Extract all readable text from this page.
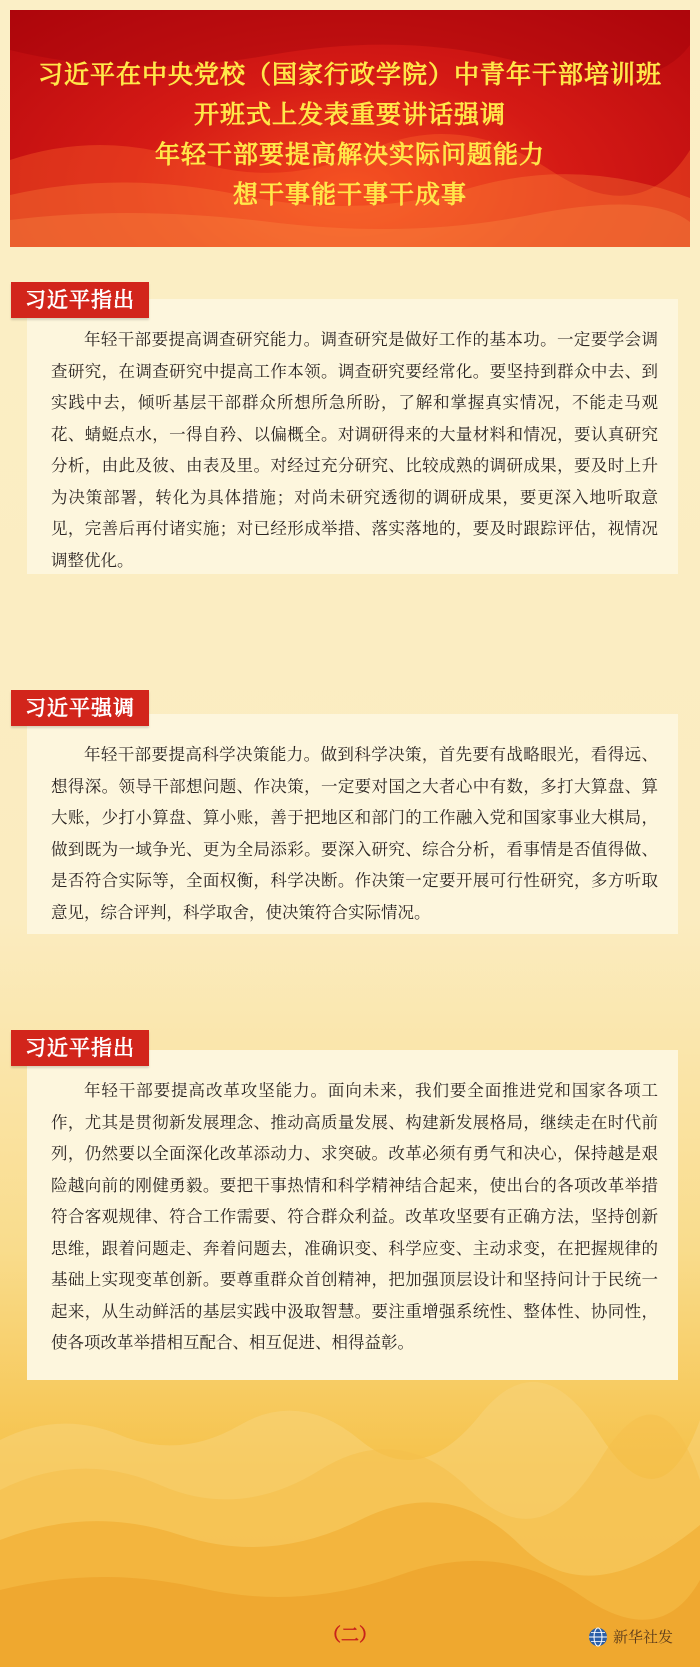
习近平在中央党校（国家行政学院）中青年干部培训班
开班式上发表重要讲话强调
年轻干部要提高解决实际问题能力
想干事能干事干成事

年轻干部要提高调查研究能力。调查研究是做好工作的基本功。一定要学会调查研究，在调查研究中提高工作本领。调查研究要经常化。要坚持到群众中去、到实践中去，倾听基层干部群众所想所急所盼，了解和掌握真实情况，不能走马观花、蜻蜓点水，一得自矜、以偏概全。对调研得来的大量材料和情况，要认真研究分析，由此及彼、由表及里。对经过充分研究、比较成熟的调研成果，要及时上升为决策部署，转化为具体措施；对尚未研究透彻的调研成果，要更深入地听取意见，完善后再付诸实施；对已经形成举措、落实落地的，要及时跟踪评估，视情况调整优化。

习近平指出

年轻干部要提高科学决策能力。做到科学决策，首先要有战略眼光，看得远、想得深。领导干部想问题、作决策，一定要对国之大者心中有数，多打大算盘、算大账，少打小算盘、算小账，善于把地区和部门的工作融入党和国家事业大棋局，做到既为一域争光、更为全局添彩。要深入研究、综合分析，看事情是否值得做、是否符合实际等，全面权衡，科学决断。作决策一定要开展可行性研究，多方听取意见，综合评判，科学取舍，使决策符合实际情况。

习近平强调

年轻干部要提高改革攻坚能力。面向未来，我们要全面推进党和国家各项工作，尤其是贯彻新发展理念、推动高质量发展、构建新发展格局，继续走在时代前列，仍然要以全面深化改革添动力、求突破。改革必须有勇气和决心，保持越是艰险越向前的刚健勇毅。要把干事热情和科学精神结合起来，使出台的各项改革举措符合客观规律、符合工作需要、符合群众利益。改革攻坚要有正确方法，坚持创新思维，跟着问题走、奔着问题去，准确识变、科学应变、主动求变，在把握规律的基础上实现变革创新。要尊重群众首创精神，把加强顶层设计和坚持问计于民统一起来，从生动鲜活的基层实践中汲取智慧。要注重增强系统性、整体性、协同性，使各项改革举措相互配合、相互促进、相得益彰。

习近平指出
（二）	新华社发
